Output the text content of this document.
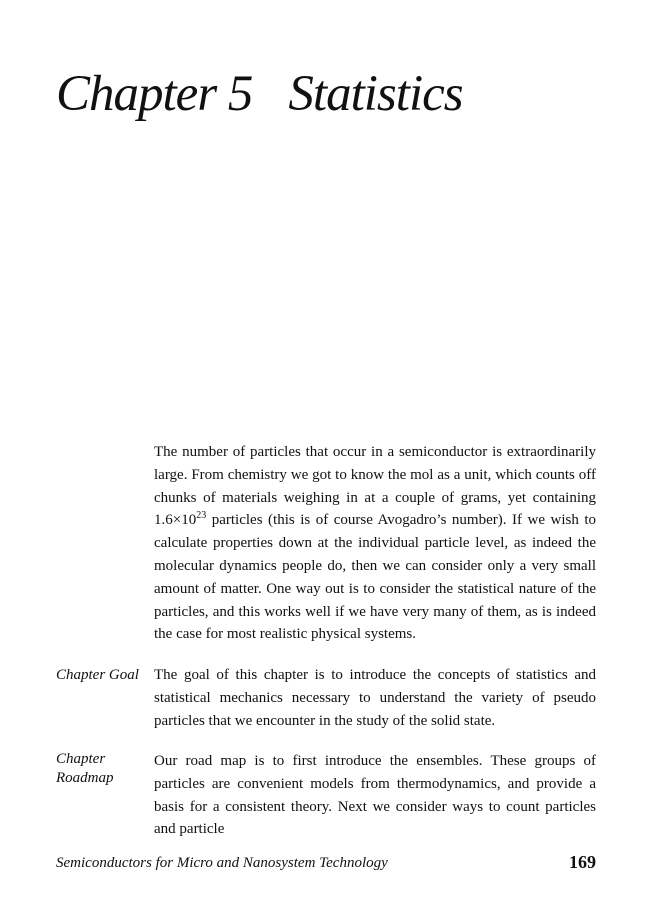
Chapter 5 Statistics

The number of particles that occur in a semiconductor is extraordinarily large. From chemistry we got to know the mol as a unit, which counts off chunks of materials weighing in at a couple of grams, yet containing $1.6\times 10^{23}$ particles (this is of course Avogadro’s number). If we wish to calculate properties down at the individual particle level, as indeed the molecular dynamics people do, then we can consider only a very small amount of matter. One way out is to consider the statistical nature of the particles, and this works well if we have very many of them, as is indeed the case for most realistic physical systems.

Chapter Goal	The goal of this chapter is to introduce the concepts of statistics and statistical mechanics necessary to understand the variety of pseudo particles that we encounter in the study of the solid state.

Chapter
Roadmap

Our road map is to first introduce the ensembles. These groups of particles are convenient models from thermodynamics, and provide a basis for a consistent theory. Next we consider ways to count particles and particle

Semiconductors for Micro and Nanosystem Technology	169
